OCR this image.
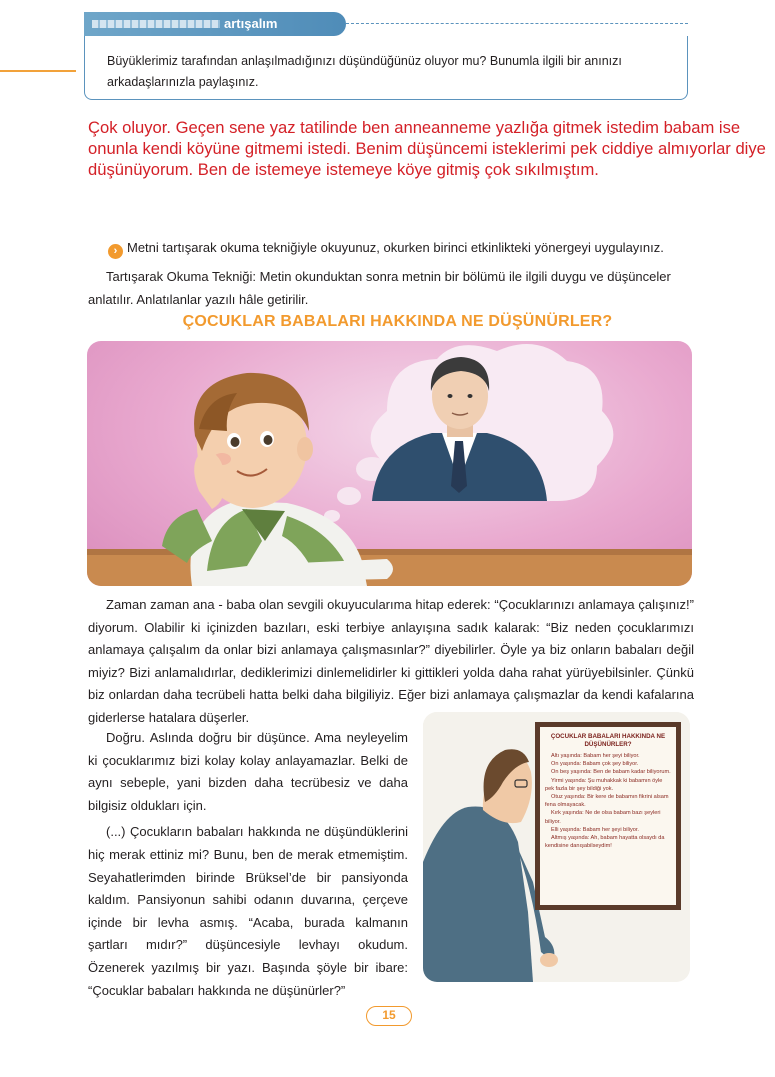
artışalım
Büyüklerimiz tarafından anlaşılmadığınızı düşündüğünüz oluyor mu? Bunumla ilgili bir anınızı arkadaşlarınızla paylaşınız.
Çok oluyor. Geçen sene yaz tatilinde ben anneanneme yazlığa gitmek istedim babam ise onunla kendi köyüne gitmemi istedi. Benim düşüncemi isteklerimi pek ciddiye almıyorlar diye düşünüyorum. Ben de istemeye istemeye köye gitmiş çok sıkılmıştım.
› Metni tartışarak okuma tekniğiyle okuyunuz, okurken birinci etkinlikteki yönergeyi uygulayınız.
Tartışarak Okuma Tekniği: Metin okunduktan sonra metnin bir bölümü ile ilgili duygu ve düşünceler anlatılır. Anlatılanlar yazılı hâle getirilir.
ÇOCUKLAR BABALARI HAKKINDA NE DÜŞÜNÜRLER?

Zaman zaman ana - baba olan sevgili okuyucularıma hitap ederek: “Çocuklarınızı anlamaya çalışınız!” diyorum. Olabilir ki içinizden bazıları, eski terbiye anlayışına sadık kalarak: “Biz neden çocuklarımızı anlamaya çalışalım da onlar bizi anlamaya çalışmasınlar?” diyebilirler. Öyle ya biz onların babaları değil miyiz? Bizi anlamalıdırlar, dediklerimizi dinlemelidirler ki gittikleri yolda daha rahat yürüyebilsinler. Çünkü biz onlardan daha tecrübeli hatta belki daha bilgiliyiz. Eğer bizi anlamaya çalışmazlar da kendi kafalarına giderlerse hatalara düşerler.

Doğru. Aslında doğru bir düşünce. Ama neyleyelim ki çocuklarımız bizi kolay kolay anlayamazlar. Belki de aynı sebeple, yani bizden daha tecrübesiz ve daha bilgisiz oldukları için.

(...) Çocukların babaları hakkında ne düşündüklerini hiç merak ettiniz mi? Bunu, ben de merak etmemiştim. Seyahatlerimden birinde Brüksel’de bir pansiyonda kaldım. Pansiyonun sahibi odanın duvarına, çerçeve içinde bir levha asmış. “Acaba, burada kalmanın şartları mıdır?” düşüncesiyle levhayı okudum. Özenerek yazılmış bir yazı. Başında şöyle bir ibare: “Çocuklar babaları hakkında ne düşünürler?”

ÇOCUKLAR BABALARI HAKKINDA NE DÜŞÜNÜRLER?
Altı yaşında: Babam her şeyi biliyor.
On yaşında: Babam çok şey biliyor.
On beş yaşında: Ben de babam kadar biliyorum.
Yirmi yaşında: Şu muhakkak ki babamın öyle pek fazla bir şey bildiği yok.
Otuz yaşında: Bir kere de babamın fikrini alsam fena olmayacak.
Kırk yaşında: Ne de olsa babam bazı şeyleri biliyor.
Elli yaşında: Babam her şeyi biliyor.
Altmış yaşında: Ah, babam hayatta olsaydı da kendisine danışabilseydim!
15
